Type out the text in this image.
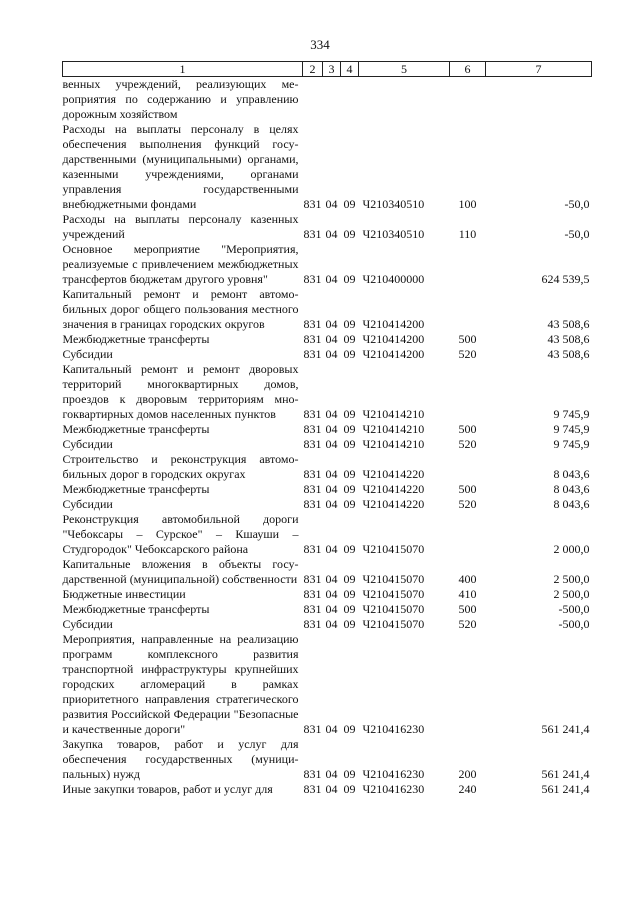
334
1	2	3	4	5	6	7
венных учреждений, реализующих мероприятия по содержанию и управлению дорожным хозяйством						
Расходы на выплаты персоналу в целях обеспечения выполнения функций государственными (муниципальными) органами, казенными учреждениями, органами управления государственными внебюджетными фондами	831	04	09	Ч210340510	100	-50,0
Расходы на выплаты персоналу казенных учреждений	831	04	09	Ч210340510	110	-50,0
Основное мероприятие "Мероприятия, реализуемые с привлечением межбюджетных трансфертов бюджетам другого уровня"	831	04	09	Ч210400000		624 539,5
Капитальный ремонт и ремонт автомобильных дорог общего пользования местного значения в границах городских округов	831	04	09	Ч210414200		43 508,6
Межбюджетные трансферты	831	04	09	Ч210414200	500	43 508,6
Субсидии	831	04	09	Ч210414200	520	43 508,6
Капитальный ремонт и ремонт дворовых территорий многоквартирных домов, проездов к дворовым территориям многоквартирных домов населенных пунктов	831	04	09	Ч210414210		9 745,9
Межбюджетные трансферты	831	04	09	Ч210414210	500	9 745,9
Субсидии	831	04	09	Ч210414210	520	9 745,9
Строительство и реконструкция автомобильных дорог в городских округах	831	04	09	Ч210414220		8 043,6
Межбюджетные трансферты	831	04	09	Ч210414220	500	8 043,6
Субсидии	831	04	09	Ч210414220	520	8 043,6
Реконструкция автомобильной дороги "Чебоксары – Сурское" – Кшауши – Студгородок" Чебоксарского района	831	04	09	Ч210415070		2 000,0
Капитальные вложения в объекты государственной (муниципальной) собственности	831	04	09	Ч210415070	400	2 500,0
Бюджетные инвестиции	831	04	09	Ч210415070	410	2 500,0
Межбюджетные трансферты	831	04	09	Ч210415070	500	-500,0
Субсидии	831	04	09	Ч210415070	520	-500,0
Мероприятия, направленные на реализацию программ комплексного развития транспортной инфраструктуры крупнейших городских агломераций в рамках приоритетного направления стратегического развития Российской Федерации "Безопасные и качественные дороги"	831	04	09	Ч210416230		561 241,4
Закупка товаров, работ и услуг для обеспечения государственных (муниципальных) нужд	831	04	09	Ч210416230	200	561 241,4
Иные закупки товаров, работ и услуг для	831	04	09	Ч210416230	240	561 241,4
